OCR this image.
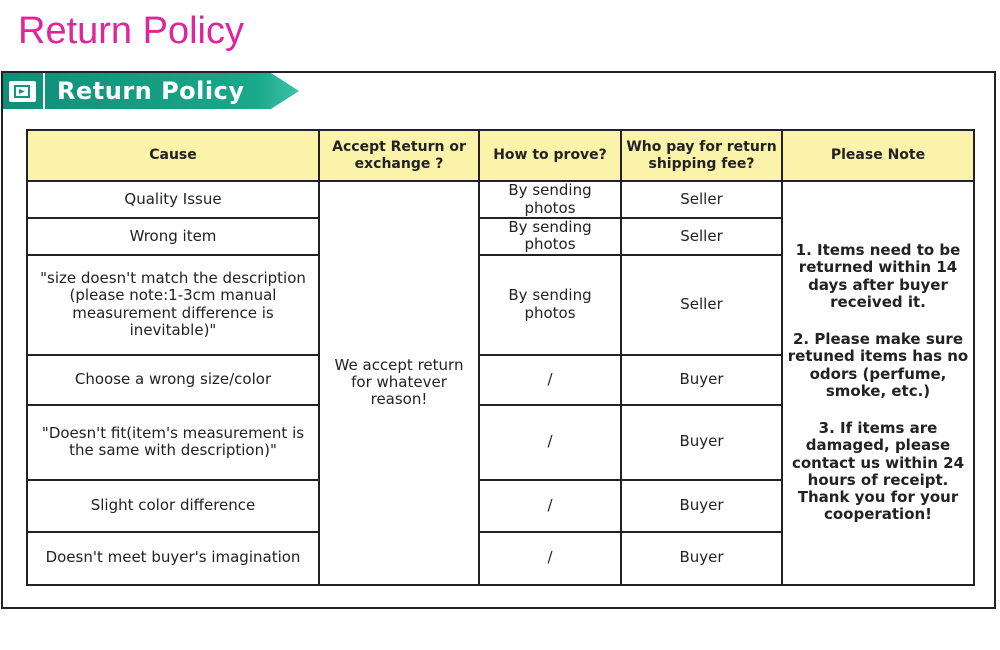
Return Policy
Return Policy
Cause	Accept Return or exchange ?	How to prove?	Who pay for return shipping fee?	Please Note
Quality Issue	We accept return for whatever reason!	By sending photos	Seller	1. Items need to be returned within 14 days after buyer received it.
2. Please make sure retuned items has no odors (perfume, smoke, etc.)
3. If items are damaged, please contact us within 24 hours of receipt.
Thank you for your cooperation!

Wrong item		By sending photos	Seller	
"size doesn't match the description (please note:1-3cm manual measurement difference is inevitable)"		By sending photos	Seller	
Choose a wrong size/color		/	Buyer	
"Doesn't fit(item's measurement is the same with description)"		/	Buyer	
Slight color difference		/	Buyer	
Doesn't meet buyer's imagination		/	Buyer	
